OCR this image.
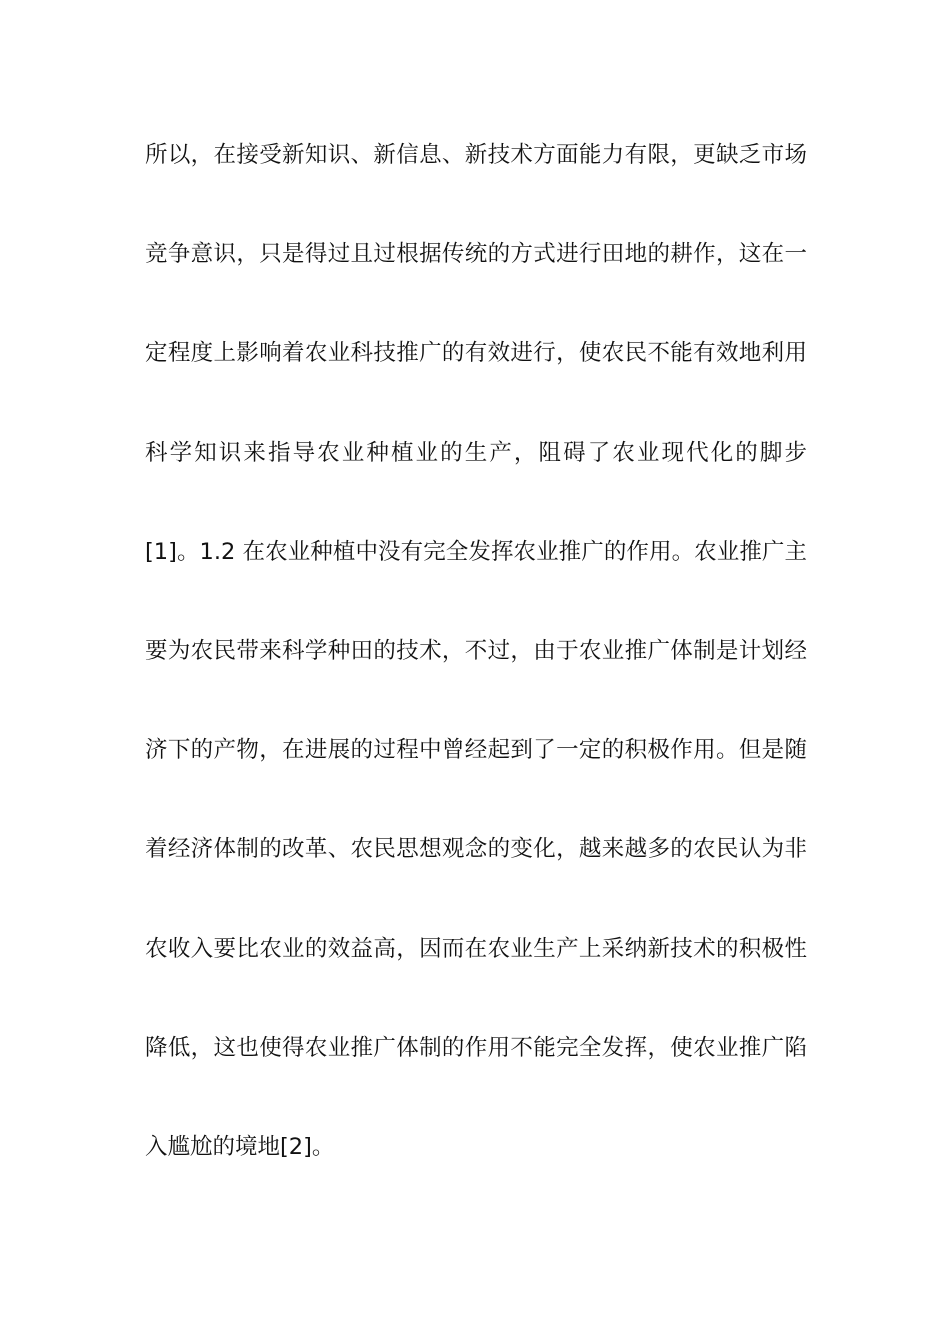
所以，在接受新知识、新信息、新技术方面能力有限，更缺乏市场
竞争意识，只是得过且过根据传统的方式进行田地的耕作，这在一
定程度上影响着农业科技推广的有效进行，使农民不能有效地利用
科学知识来指导农业种植业的生产，阻碍了农业现代化的脚步
[1]。1.2 在农业种植中没有完全发挥农业推广的作用。农业推广主
要为农民带来科学种田的技术，不过，由于农业推广体制是计划经
济下的产物，在进展的过程中曾经起到了一定的积极作用。但是随
着经济体制的改革、农民思想观念的变化，越来越多的农民认为非
农收入要比农业的效益高，因而在农业生产上采纳新技术的积极性
降低，这也使得农业推广体制的作用不能完全发挥，使农业推广陷
入尴尬的境地[2]。
